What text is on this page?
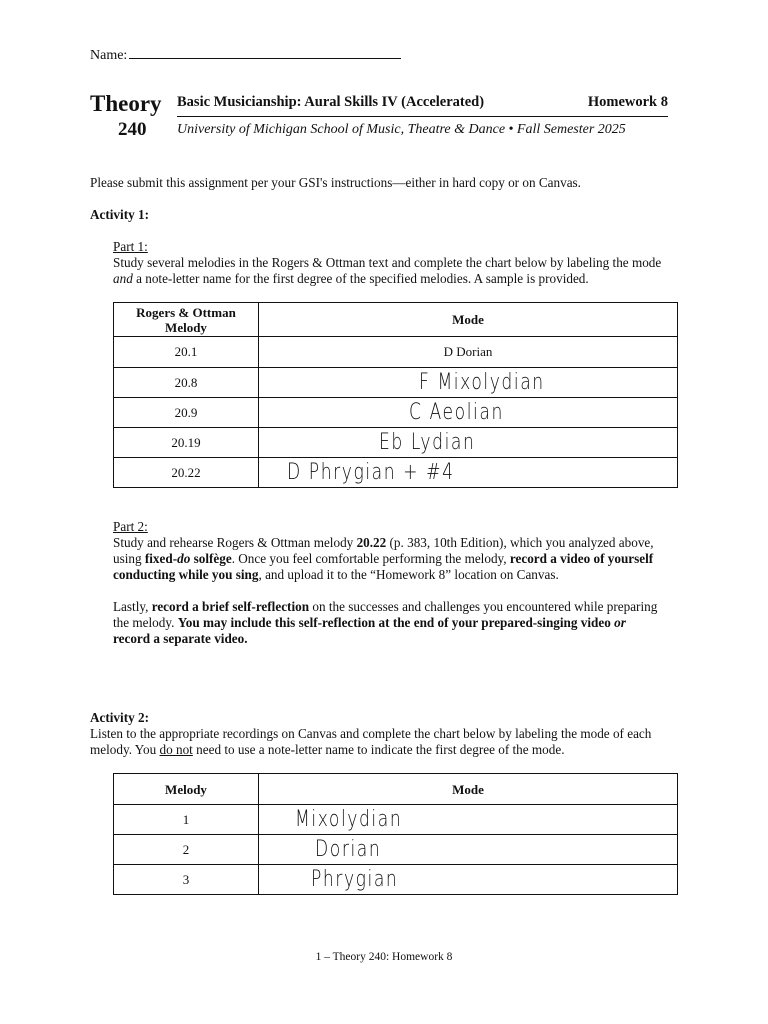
Name:
Theory
240
Basic Musicianship: Aural Skills IV (Accelerated)	Homework 8
University of Michigan School of Music, Theatre & Dance • Fall Semester 2025
Please submit this assignment per your GSI's instructions—either in hard copy or on Canvas.
Activity 1:
Part 1:
Study several melodies in the Rogers & Ottman text and complete the chart below by labeling the mode
and a note-letter name for the first degree of the specified melodies. A sample is provided.
Rogers & Ottman Melody	Mode
20.1	D Dorian
20.8	F Mixolydian
20.9	C Aeolian
20.19	Eb Lydian
20.22	D Phrygian + #4
Part 2:
Study and rehearse Rogers & Ottman melody 20.22 (p. 383, 10th Edition), which you analyzed above,
using fixed-do solfège. Once you feel comfortable performing the melody, record a video of yourself
conducting while you sing, and upload it to the “Homework 8” location on Canvas.
Lastly, record a brief self-reflection on the successes and challenges you encountered while preparing
the melody. You may include this self-reflection at the end of your prepared-singing video or
record a separate video.
Activity 2:
Listen to the appropriate recordings on Canvas and complete the chart below by labeling the mode of each
melody. You do not need to use a note-letter name to indicate the first degree of the mode.
Melody	Mode
1	Mixolydian
2	Dorian
3	Phrygian
1 – Theory 240: Homework 8
